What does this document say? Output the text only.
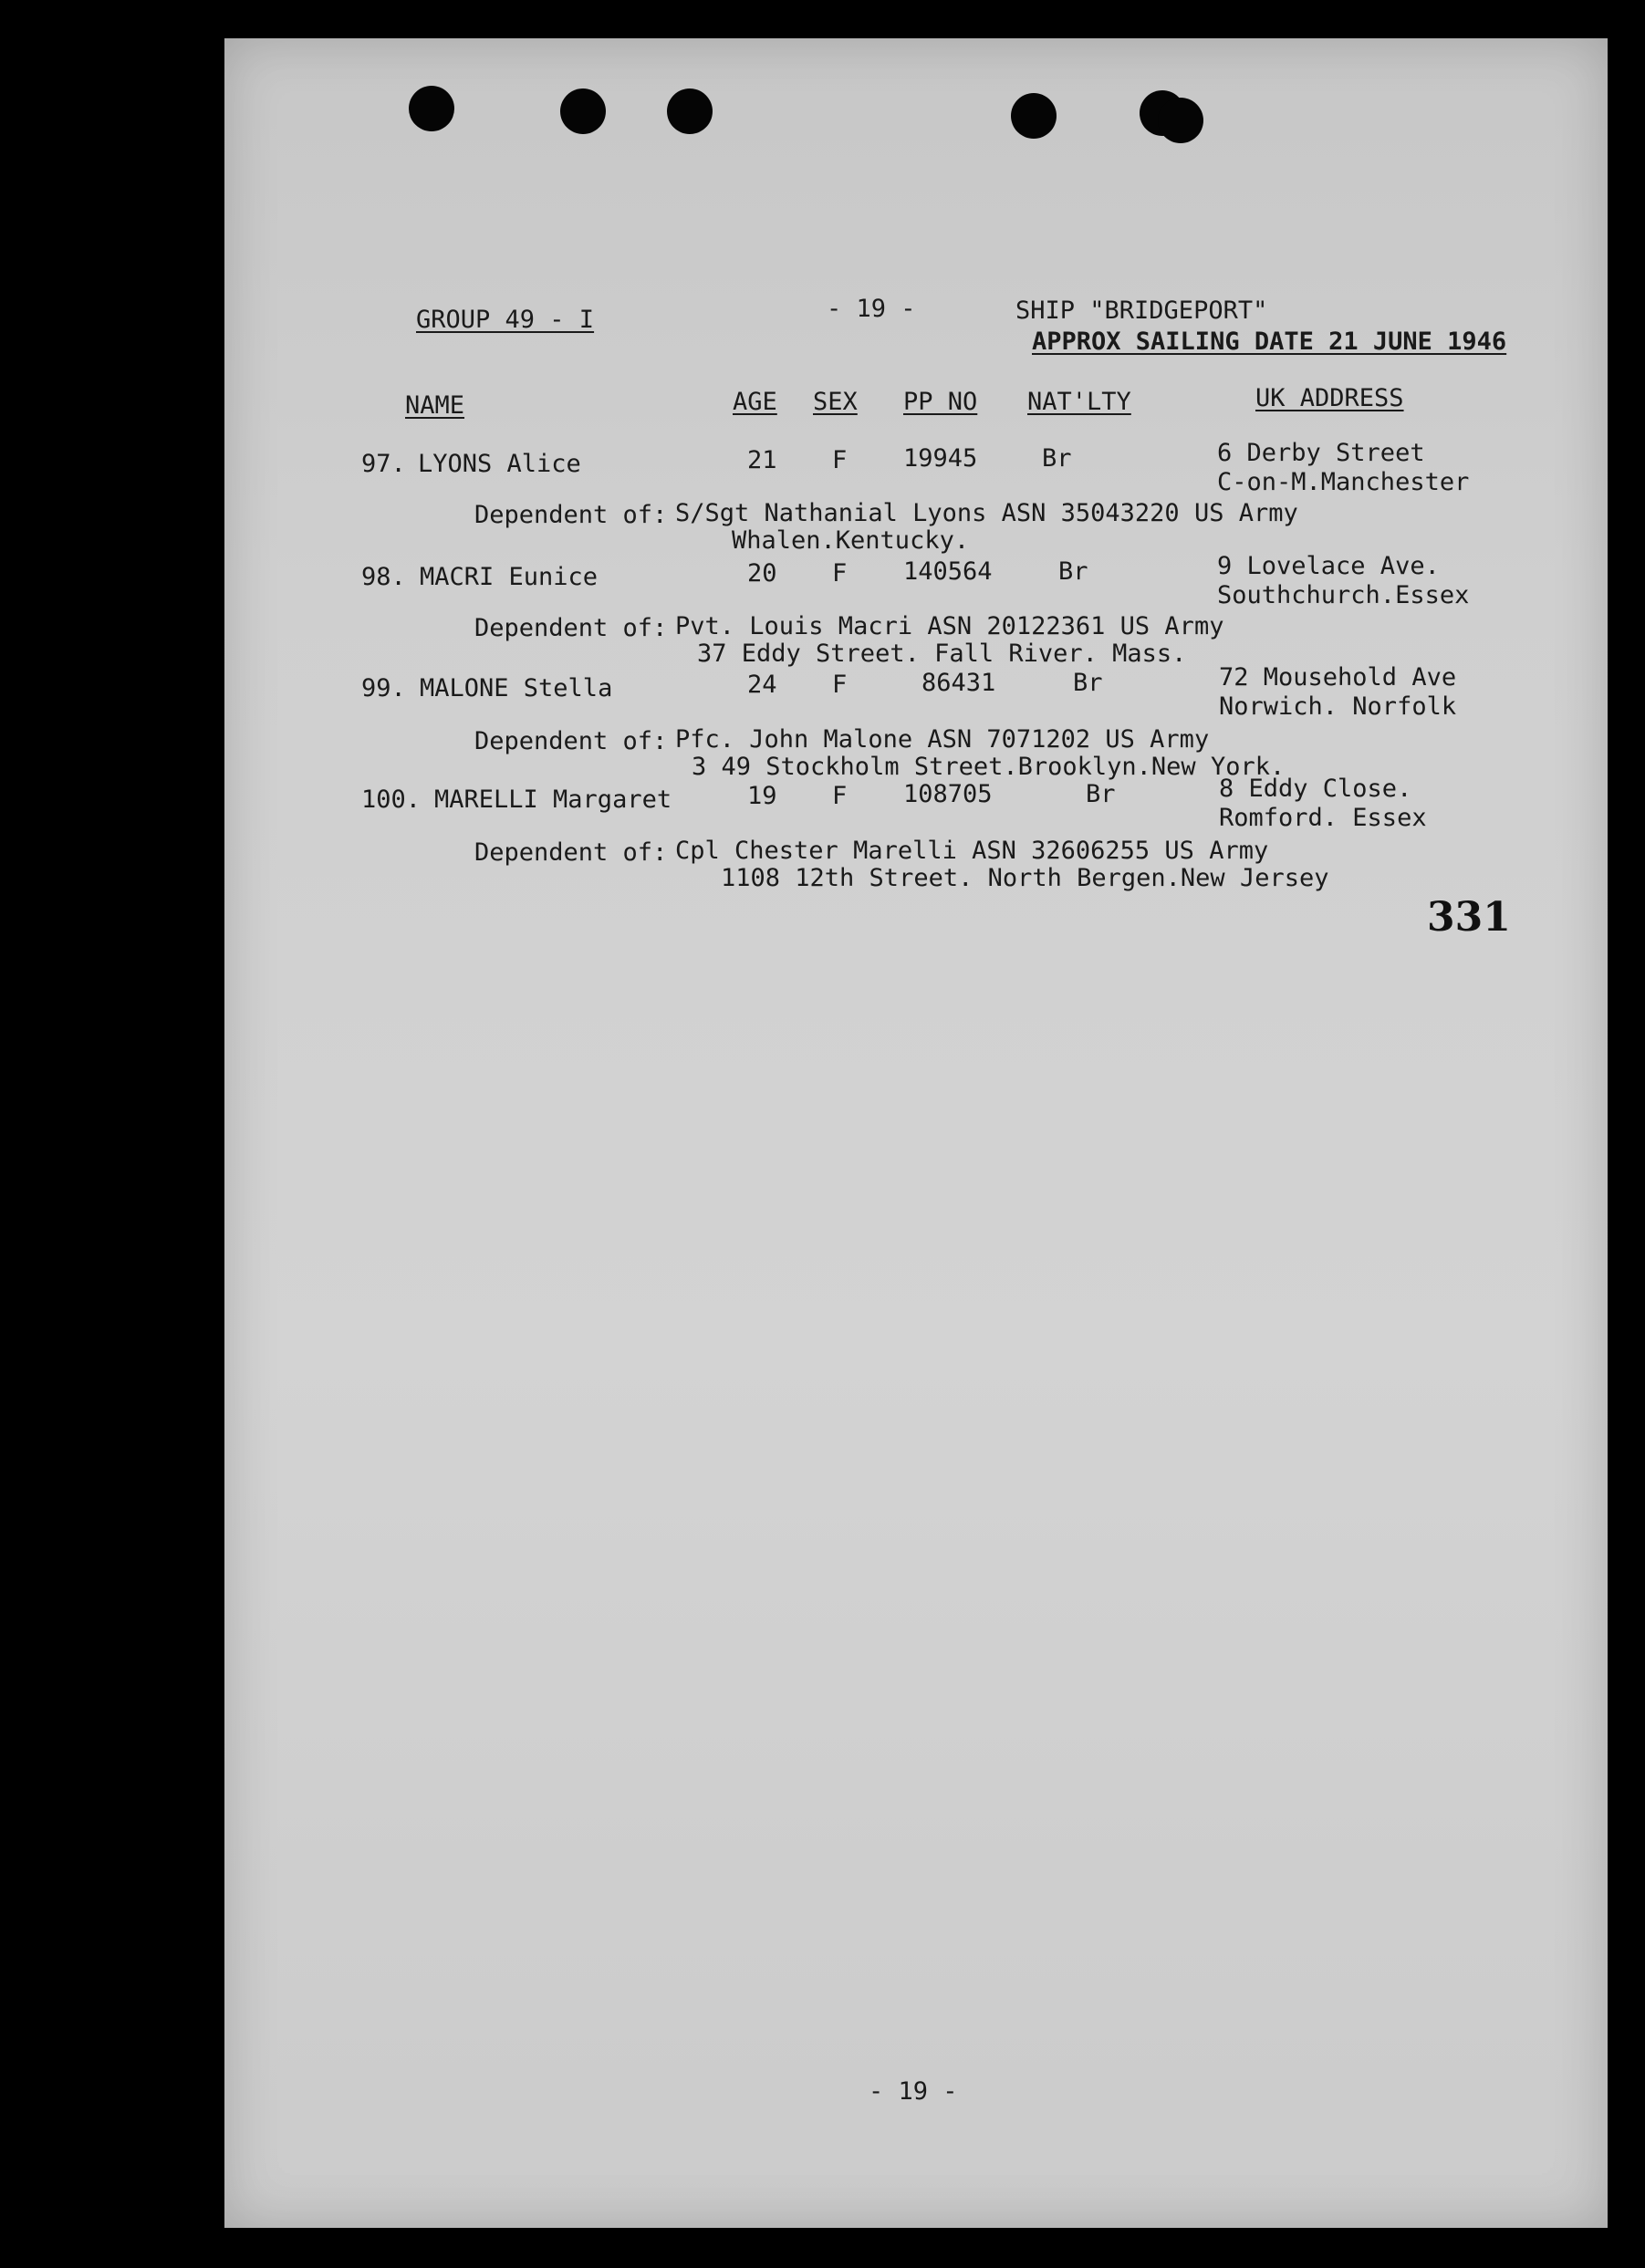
GROUP 49 - I	- 19 -	SHIP "BRIDGEPORT"
APPROX SAILING DATE 21 JUNE 1946
NAME	AGE SEX PP NO NAT'LTY	UK ADDRESS
97. LYONS Alice	21 F 19945	Br	6 Derby Street
C-on-M.Manchester
Dependent of: S/Sgt Nathanial Lyons ASN 35043220 US Army
Whalen.Kentucky.
98. MACRI Eunice	20 F 140564	Br	9 Lovelace Ave.
Southchurch.Essex
Dependent of: Pvt. Louis Macri ASN 20122361 US Army
37 Eddy Street. Fall River. Mass.
99. MALONE Stella	24 F	86431	Br	72 Mousehold Ave
Norwich. Norfolk
Dependent of: Pfc. John Malone ASN 7071202 US Army
3 49 Stockholm Street.Brooklyn.New York.
100. MARELLI Margaret	19 F 108705	Br	8 Eddy Close.
Romford. Essex
Dependent of: Cpl Chester Marelli ASN 32606255 US Army
1108 12th Street. North Bergen.New Jersey
331
- 19 -
